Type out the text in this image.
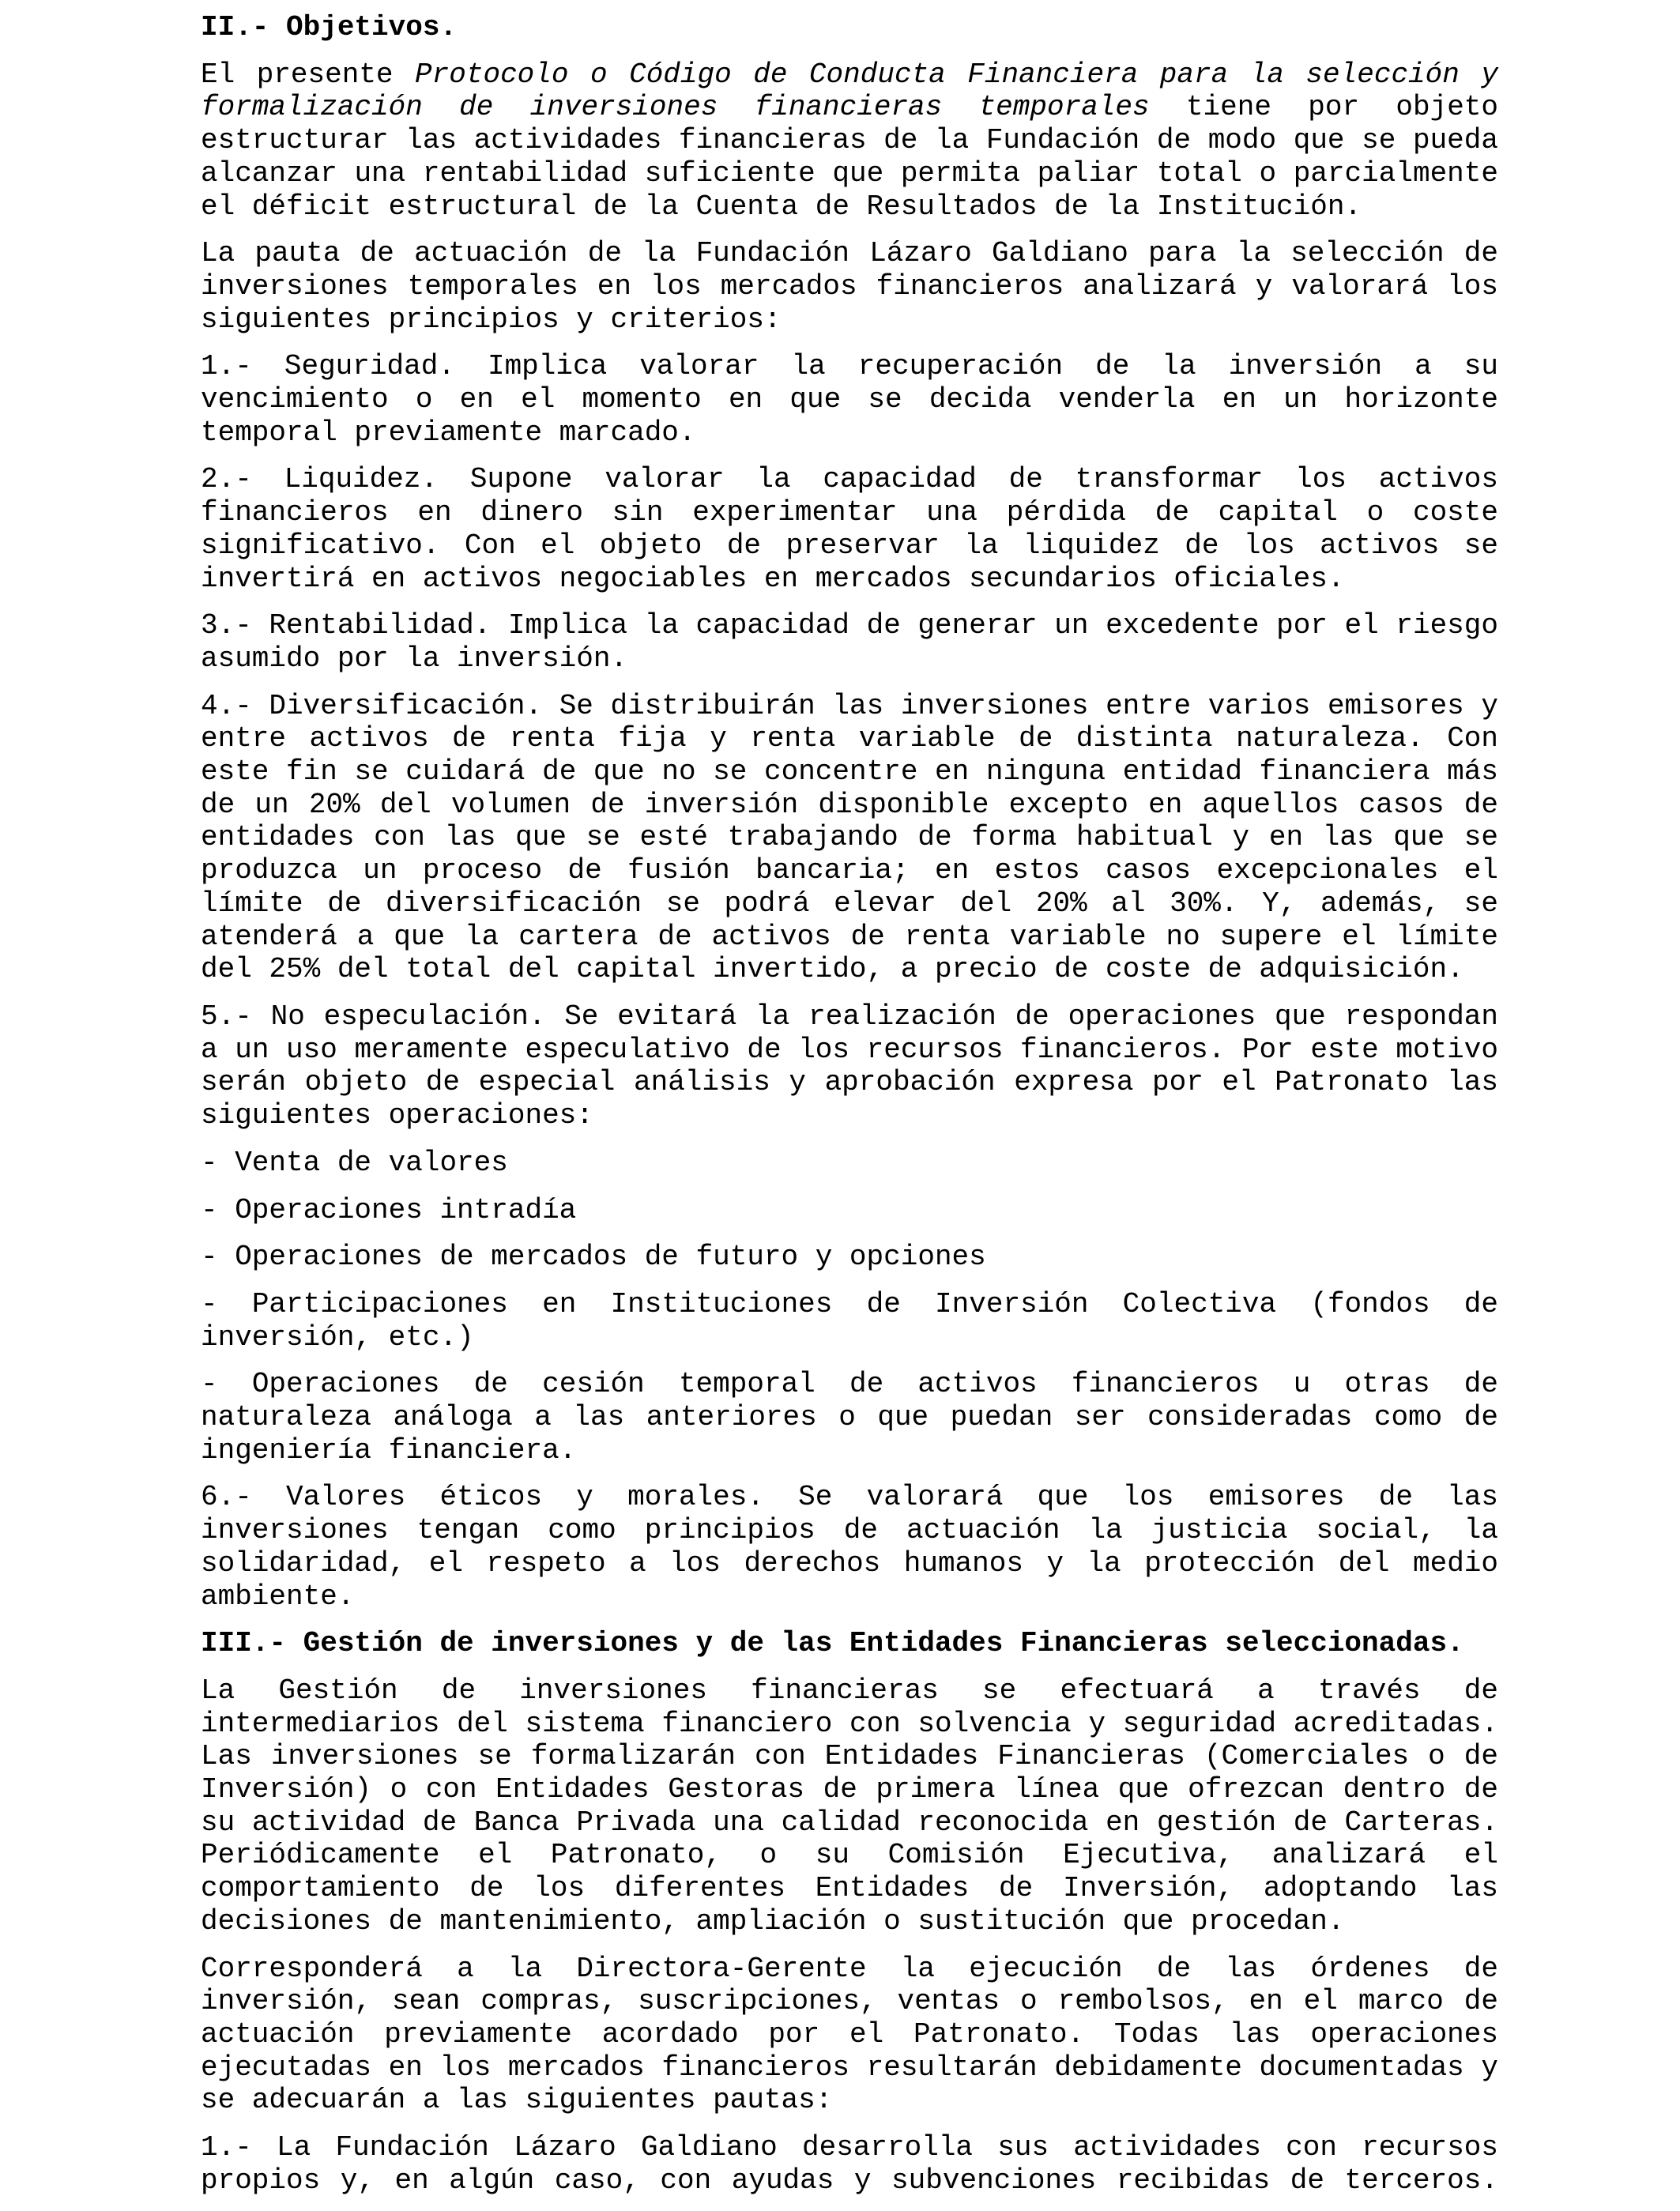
II.- Objetivos.

El presente Protocolo o Código de Conducta Financiera para la selección y formalización de inversiones financieras temporales tiene por objeto estructurar las actividades financieras de la Fundación de modo que se pueda alcanzar una rentabilidad suficiente que permita paliar total o parcialmente el déficit estructural de la Cuenta de Resultados de la Institución.

La pauta de actuación de la Fundación Lázaro Galdiano para la selección de inversiones temporales en los mercados financieros analizará y valorará los siguientes principios y criterios:

1.- Seguridad. Implica valorar la recuperación de la inversión a su vencimiento o en el momento en que se decida venderla en un horizonte temporal previamente marcado.

2.- Liquidez. Supone valorar la capacidad de transformar los activos financieros en dinero sin experimentar una pérdida de capital o coste significativo. Con el objeto de preservar la liquidez de los activos se invertirá en activos negociables en mercados secundarios oficiales.

3.- Rentabilidad. Implica la capacidad de generar un excedente por el riesgo asumido por la inversión.

4.- Diversificación. Se distribuirán las inversiones entre varios emisores y entre activos de renta fija y renta variable de distinta naturaleza. Con este fin se cuidará de que no se concentre en ninguna entidad financiera más de un 20% del volumen de inversión disponible excepto en aquellos casos de entidades con las que se esté trabajando de forma habitual y en las que se produzca un proceso de fusión bancaria; en estos casos excepcionales el límite de diversificación se podrá elevar del 20% al 30%. Y, además, se atenderá a que la cartera de activos de renta variable no supere el límite del 25% del total del capital invertido, a precio de coste de adquisición.

5.- No especulación. Se evitará la realización de operaciones que respondan a un uso meramente especulativo de los recursos financieros. Por este motivo serán objeto de especial análisis y aprobación expresa por el Patronato las siguientes operaciones:

- Venta de valores

- Operaciones intradía

- Operaciones de mercados de futuro y opciones

- Participaciones en Instituciones de Inversión Colectiva (fondos de inversión, etc.)

- Operaciones de cesión temporal de activos financieros u otras de naturaleza análoga a las anteriores o que puedan ser consideradas como de ingeniería financiera.

6.- Valores éticos y morales. Se valorará que los emisores de las inversiones tengan como principios de actuación la justicia social, la solidaridad, el respeto a los derechos humanos y la protección del medio ambiente.

III.- Gestión de inversiones y de las Entidades Financieras seleccionadas.

La Gestión de inversiones financieras se efectuará a través de intermediarios del sistema financiero con solvencia y seguridad acreditadas. Las inversiones se formalizarán con Entidades Financieras (Comerciales o de Inversión) o con Entidades Gestoras de primera línea que ofrezcan dentro de su actividad de Banca Privada una calidad reconocida en gestión de Carteras. Periódicamente el Patronato, o su Comisión Ejecutiva, analizará el comportamiento de los diferentes Entidades de Inversión, adoptando las decisiones de mantenimiento, ampliación o sustitución que procedan.

Corresponderá a la Directora-Gerente la ejecución de las órdenes de inversión, sean compras, suscripciones, ventas o rembolsos, en el marco de actuación previamente acordado por el Patronato. Todas las operaciones ejecutadas en los mercados financieros resultarán debidamente documentadas y se adecuarán a las siguientes pautas:

1.- La Fundación Lázaro Galdiano desarrolla sus actividades con recursos propios y, en algún caso, con ayudas y subvenciones recibidas de terceros.
